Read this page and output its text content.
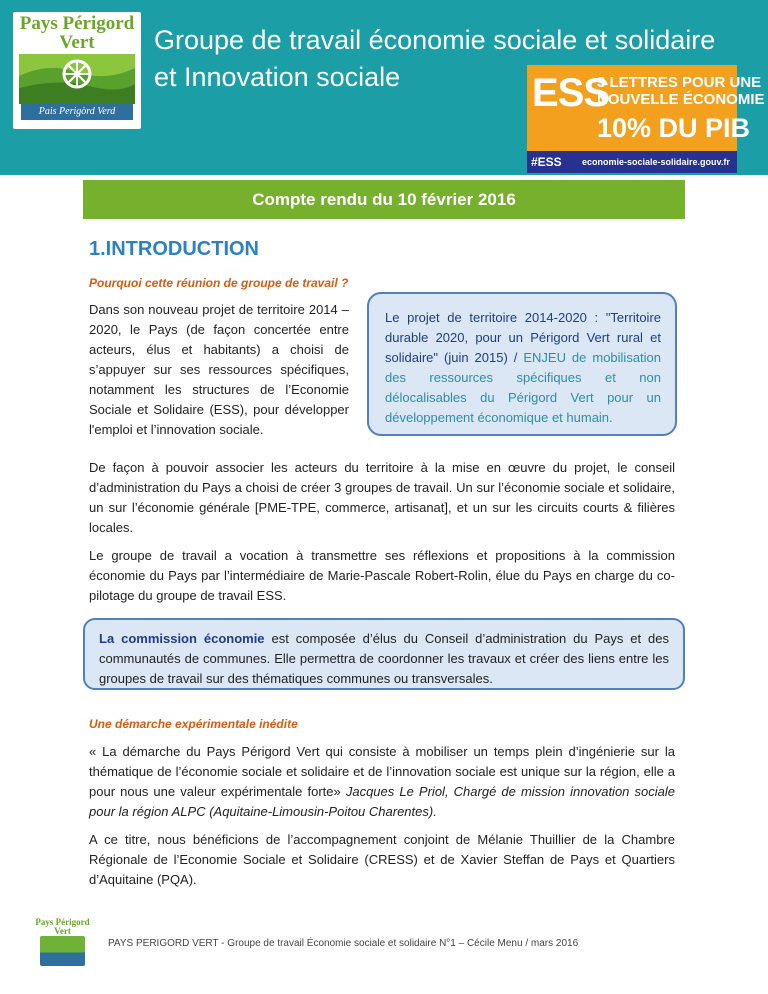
Pays Périgord
Vert
Pais Perigòrd Verd
Groupe de travail économie sociale et solidaire
et Innovation sociale	ESS
3 LETTRES POUR UNE
NOUVELLE ÉCONOMIE
10% DU PIB
#ESS economie-sociale-solidaire.gouv.fr
Compte rendu du 10 février 2016
1.INTRODUCTION
Pourquoi cette réunion de groupe de travail ?
Dans son nouveau projet de territoire 2014 – 2020, le Pays (de façon concertée entre acteurs, élus et habitants) a choisi de s’appuyer sur ses ressources spécifiques, notamment les structures de l’Economie Sociale et Solidaire (ESS), pour développer l'emploi et l’innovation sociale.
Le projet de territoire 2014-2020 : "Territoire durable 2020, pour un Périgord Vert rural et solidaire" (juin 2015) / ENJEU de mobilisation des ressources spécifiques et non délocalisables du Périgord Vert pour un développement économique et humain.
De façon à pouvoir associer les acteurs du territoire à la mise en œuvre du projet, le conseil d’administration du Pays a choisi de créer 3 groupes de travail. Un sur l’économie sociale et solidaire, un sur l’économie générale [PME-TPE, commerce, artisanat], et un sur les circuits courts & filières locales.
Le groupe de travail a vocation à transmettre ses réflexions et propositions à la commission économie du Pays par l’intermédiaire de Marie-Pascale Robert-Rolin, élue du Pays en charge du co-pilotage du groupe de travail ESS.
La commission économie est composée d’élus du Conseil d’administration du Pays et des communautés de communes. Elle permettra de coordonner les travaux et créer des liens entre les groupes de travail sur des thématiques communes ou transversales.
Une démarche expérimentale inédite
« La démarche du Pays Périgord Vert qui consiste à mobiliser un temps plein d’ingénierie sur la thématique de l’économie sociale et solidaire et de l’innovation sociale est unique sur la région, elle a pour nous une valeur expérimentale forte» Jacques Le Priol, Chargé de mission innovation sociale pour la région ALPC (Aquitaine-Limousin-Poitou Charentes).
A ce titre, nous bénéficions de l’accompagnement conjoint de Mélanie Thuillier de la Chambre Régionale de l’Economie Sociale et Solidaire (CRESS) et de Xavier Steffan de Pays et Quartiers d’Aquitaine (PQA).
Pays Périgord
Vert
PAYS PERIGORD VERT - Groupe de travail Économie sociale et solidaire N°1 – Cécile Menu / mars 2016
